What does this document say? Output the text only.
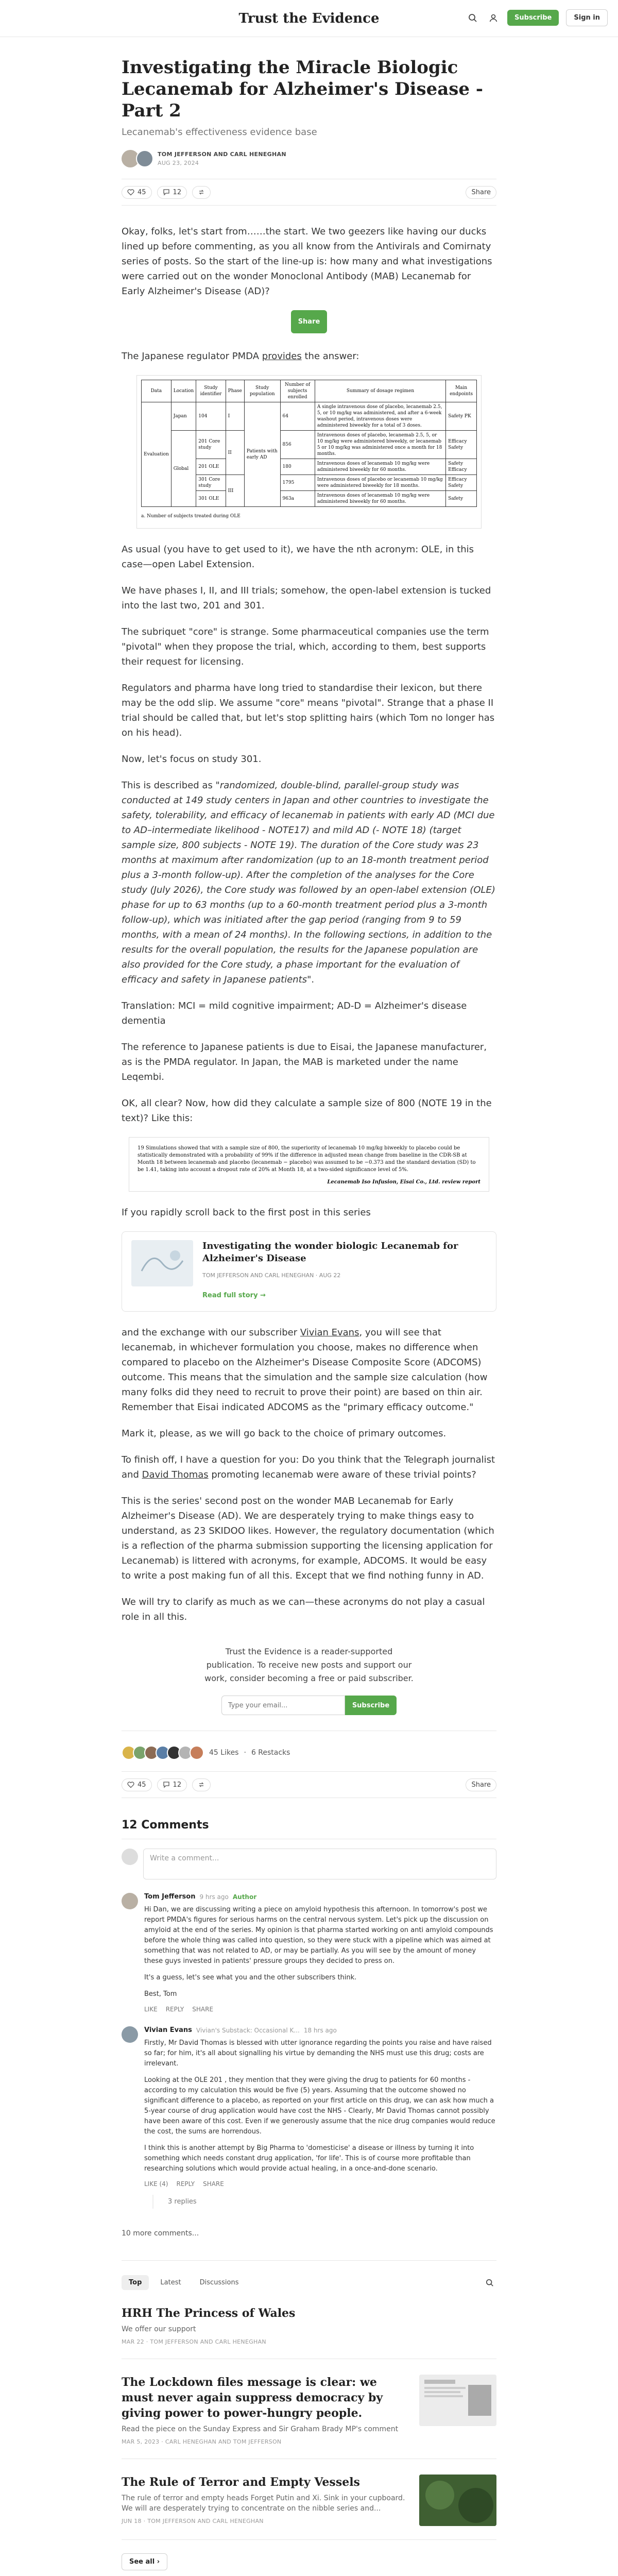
Trust the Evidence	Subscribe	Sign in
Investigating the Miracle Biologic Lecanemab for Alzheimer's Disease - Part 2
Lecanemab's effectiveness evidence base
TOM JEFFERSON AND CARL HENEGHAN
AUG 23, 2024
45	12	Share

Okay, folks, let's start from……the start. We two geezers like having our ducks lined up before commenting, as you all know from the Antivirals and Comirnaty series of posts. So the start of the line-up is: how many and what investigations were carried out on the wonder Monoclonal Antibody (MAB) Lecanemab for Early Alzheimer's Disease (AD)?

Share

The Japanese regulator PMDA provides the answer:

Data	Location	Study identifier	Phase	Study population	Number of subjects enrolled	Summary of dosage regimen	Main endpoints
Evaluation	Japan	104	I	Patients with early AD	64	A single intravenous dose of placebo, lecanemab 2.5, 5, or 10 mg/kg was administered, and after a 6-week washout period, intravenous doses were administered biweekly for a total of 3 doses.	Safety PK
	Global	201 Core study	II		856	Intravenous doses of placebo, lecanemab 2.5, 5, or 10 mg/kg were administered biweekly, or lecanemab 5 or 10 mg/kg was administered once a month for 18 months.	Efficacy Safety
		201 OLE			180	Intravenous doses of lecanemab 10 mg/kg were administered biweekly for 60 months.	Safety Efficacy
		301 Core study	III		1795	Intravenous doses of placebo or lecanemab 10 mg/kg were administered biweekly for 18 months.	Efficacy Safety
		301 OLE			963a	Intravenous doses of lecanemab 10 mg/kg were administered biweekly for 60 months.	Safety
a. Number of subjects treated during OLE

As usual (you have to get used to it), we have the nth acronym: OLE, in this case—open Label Extension.

We have phases I, II, and III trials; somehow, the open-label extension is tucked into the last two, 201 and 301.

The subriquet "core" is strange. Some pharmaceutical companies use the term "pivotal" when they propose the trial, which, according to them, best supports their request for licensing.

Regulators and pharma have long tried to standardise their lexicon, but there may be the odd slip. We assume "core" means "pivotal". Strange that a phase II trial should be called that, but let's stop splitting hairs (which Tom no longer has on his head).

Now, let's focus on study 301.

This is described as "randomized, double-blind, parallel-group study was conducted at 149 study centers in Japan and other countries to investigate the safety, tolerability, and efficacy of lecanemab in patients with early AD (MCI due to AD–intermediate likelihood - NOTE17) and mild AD (- NOTE 18) (target sample size, 800 subjects - NOTE 19). The duration of the Core study was 23 months at maximum after randomization (up to an 18-month treatment period plus a 3-month follow-up). After the completion of the analyses for the Core study (July 2026), the Core study was followed by an open-label extension (OLE) phase for up to 63 months (up to a 60-month treatment period plus a 3-month follow-up), which was initiated after the gap period (ranging from 9 to 59 months, with a mean of 24 months). In the following sections, in addition to the results for the overall population, the results for the Japanese population are also provided for the Core study, a phase important for the evaluation of efficacy and safety in Japanese patients".

Translation: MCI = mild cognitive impairment; AD-D = Alzheimer's disease dementia

The reference to Japanese patients is due to Eisai, the Japanese manufacturer, as is the PMDA regulator. In Japan, the MAB is marketed under the name Leqembi.

OK, all clear? Now, how did they calculate a sample size of 800 (NOTE 19 in the text)? Like this:

19 Simulations showed that with a sample size of 800, the superiority of lecanemab 10 mg/kg biweekly to placebo could be statistically demonstrated with a probability of 99% if the difference in adjusted mean change from baseline in the CDR-SB at Month 18 between lecanemab and placebo (lecanemab − placebo) was assumed to be −0.373 and the standard deviation (SD) to be 1.41, taking into account a dropout rate of 20% at Month 18, at a two-sided significance level of 5%.
Lecanemab Iso Infusion, Eisai Co., Ltd. review report

If you rapidly scroll back to the first post in this series

Investigating the wonder biologic Lecanemab for Alzheimer's Disease
TOM JEFFERSON AND CARL HENEGHAN · AUG 22
Read full story →

and the exchange with our subscriber Vivian Evans, you will see that lecanemab, in whichever formulation you choose, makes no difference when compared to placebo on the Alzheimer's Disease Composite Score (ADCOMS) outcome. This means that the simulation and the sample size calculation (how many folks did they need to recruit to prove their point) are based on thin air. Remember that Eisai indicated ADCOMS as the "primary efficacy outcome."

Mark it, please, as we will go back to the choice of primary outcomes.

To finish off, I have a question for you: Do you think that the Telegraph journalist and David Thomas promoting lecanemab were aware of these trivial points?

This is the series' second post on the wonder MAB Lecanemab for Early Alzheimer's Disease (AD). We are desperately trying to make things easy to understand, as 23 SKIDOO likes. However, the regulatory documentation (which is a reflection of the pharma submission supporting the licensing application for Lecanemab) is littered with acronyms, for example, ADCOMS. It would be easy to write a post making fun of all this. Except that we find nothing funny in AD.

We will try to clarify as much as we can—these acronyms do not play a casual role in all this.

Trust the Evidence is a reader-supported publication. To receive new posts and support our work, consider becoming a free or paid subscriber.
Type your email...
Subscribe
45 Likes · 6 Restacks
45	12	Share
12 Comments
Write a comment...
Tom Jefferson 9 hrs ago Author

Hi Dan, we are discussing writing a piece on amyloid hypothesis this afternoon. In tomorrow's post we report PMDA's figures for serious harms on the central nervous system. Let's pick up the discussion on amyloid at the end of the series. My opinion is that pharma started working on anti amyloid compounds before the whole thing was called into question, so they were stuck with a pipeline which was aimed at something that was not related to AD, or may be partially. As you will see by the amount of money these guys invested in patients' pressure groups they decided to press on.

It's a guess, let's see what you and the other subscribers think.

Best, Tom

LIKE REPLY SHARE
Vivian Evans Vivian's Substack: Occasional K... 18 hrs ago

Firstly, Mr David Thomas is blessed with utter ignorance regarding the points you raise and have raised so far; for him, it's all about signalling his virtue by demanding the NHS must use this drug; costs are irrelevant.

Looking at the OLE 201 , they mention that they were giving the drug to patients for 60 months - according to my calculation this would be five (5) years. Assuming that the outcome showed no significant difference to a placebo, as reported on your first article on this drug, we can ask how much a 5-year course of drug application would have cost the NHS - Clearly, Mr David Thomas cannot possibly have been aware of this cost. Even if we generously assume that the nice drug companies would reduce the cost, the sums are horrendous.

I think this is another attempt by Big Pharma to 'domesticise' a disease or illness by turning it into something which needs constant drug application, 'for life'. This is of course more profitable than researching solutions which would provide actual healing, in a once-and-done scenario.

LIKE (4) REPLY SHARE
3 replies
10 more comments...
Top	Latest	Discussions
HRH The Princess of Wales
We offer our support
MAR 22 · TOM JEFFERSON AND CARL HENEGHAN
The Lockdown files message is clear: we must never again suppress democracy by giving power to power-hungry people.
Read the piece on the Sunday Express and Sir Graham Brady MP's comment
MAR 5, 2023 · CARL HENEGHAN AND TOM JEFFERSON
The Rule of Terror and Empty Vessels
The rule of terror and empty heads Forget Putin and Xi. Sink in your cupboard. We will are desperately trying to concentrate on the nibble series and...
JUN 18 · TOM JEFFERSON AND CARL HENEGHAN
See all ›
